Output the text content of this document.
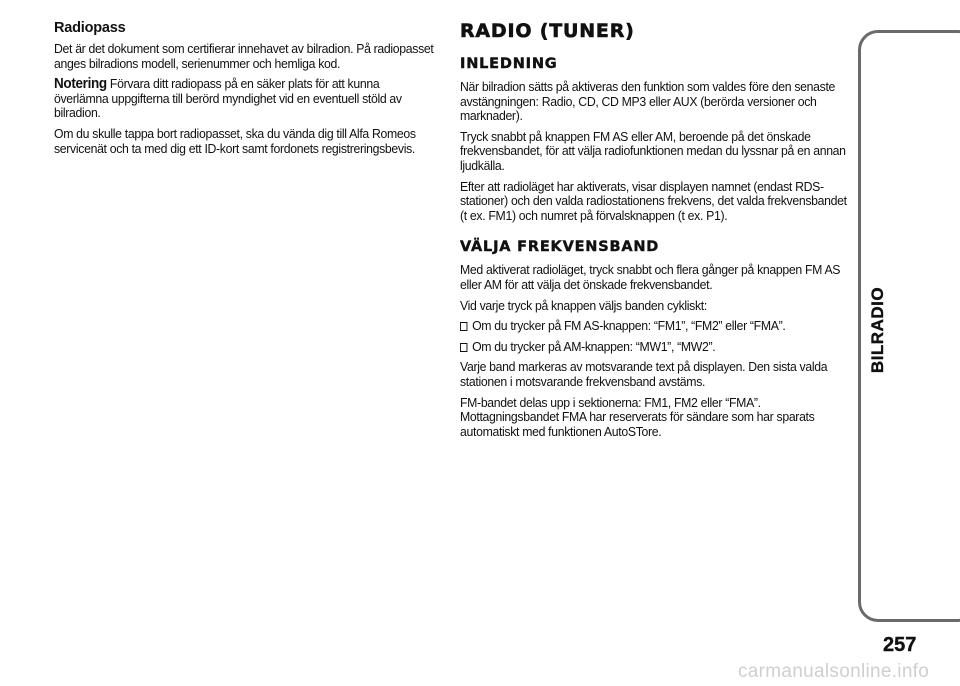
Radiopass

Det är det dokument som certifierar innehavet av bilradion. På radiopasset anges bilradions modell, serienummer och hemliga kod.

Notering Förvara ditt radiopass på en säker plats för att kunna överlämna uppgifterna till berörd myndighet vid en eventuell stöld av bilradion.

Om du skulle tappa bort radiopasset, ska du vända dig till Alfa Romeos servicenät och ta med dig ett ID-kort samt fordonets registreringsbevis.

RADIO (TUNER)
INLEDNING

När bilradion sätts på aktiveras den funktion som valdes före den senaste avstängningen: Radio, CD, CD MP3 eller AUX (berörda versioner och marknader).

Tryck snabbt på knappen FM AS eller AM, beroende på det önskade frekvensbandet, för att välja radiofunktionen medan du lyssnar på en annan ljudkälla.

Efter att radioläget har aktiverats, visar displayen namnet (endast RDS-stationer) och den valda radiostationens frekvens, det valda frekvensbandet (t ex. FM1) och numret på förvalsknappen (t ex. P1).

VÄLJA FREKVENSBAND

Med aktiverat radioläget, tryck snabbt och flera gånger på knappen FM AS eller AM för att välja det önskade frekvensbandet.

Vid varje tryck på knappen väljs banden cykliskt:

Om du trycker på FM AS-knappen: “FM1”, “FM2” eller “FMA”.

Om du trycker på AM-knappen: “MW1”, “MW2”.

Varje band markeras av motsvarande text på displayen. Den sista valda stationen i motsvarande frekvensband avstäms.

FM-bandet delas upp i sektionerna: FM1, FM2 eller “FMA”. Mottagningsbandet FMA har reserverats för sändare som har sparats automatiskt med funktionen AutoSTore.

BILRADIO
257
carmanualsonline.info
